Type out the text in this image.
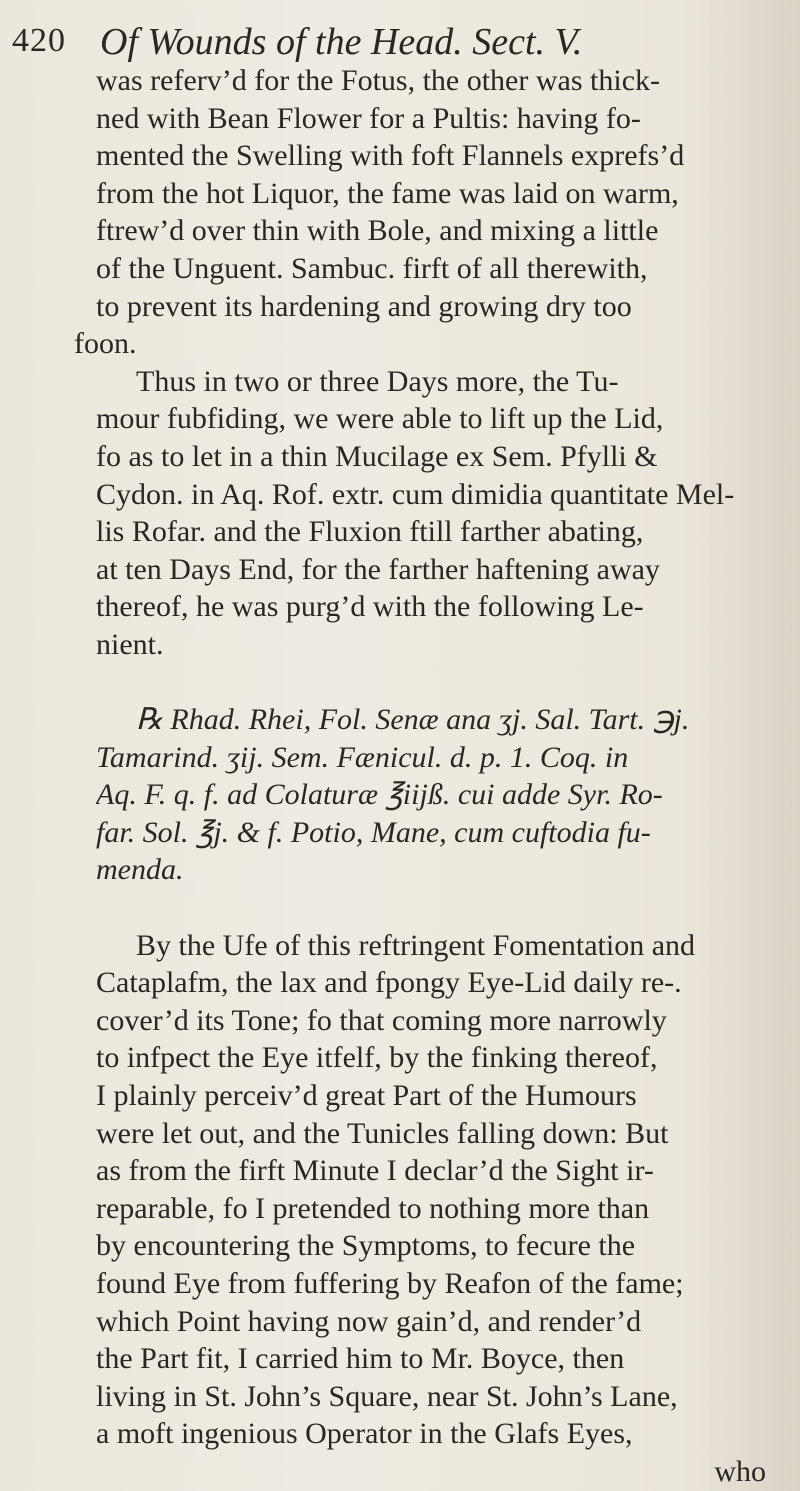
420 Of Wounds of the Head. Sect. V.
was referv’d for the Fotus, the other was thick-
ned with Bean Flower for a Pultis: having fo-
mented the Swelling with foft Flannels exprefs’d
from the hot Liquor, the fame was laid on warm,
ftrew’d over thin with Bole, and mixing a little
of the Unguent. Sambuc. firft of all therewith,
to prevent its hardening and growing dry too
foon.
Thus in two or three Days more, the Tu-
mour fubfiding, we were able to lift up the Lid,
fo as to let in a thin Mucilage ex Sem. Pfylli &
Cydon. in Aq. Rof. extr. cum dimidia quantitate Mel-
lis Rofar. and the Fluxion ftill farther abating,
at ten Days End, for the farther haftening away
thereof, he was purg’d with the following Le-
nient.
℞ Rhad. Rhei, Fol. Senæ ana ʒj. Sal. Tart. ℈j.
Tamarind. ʒij. Sem. Fænicul. d. p. 1. Coq. in
Aq. F. q. f. ad Colaturæ ℥iijß. cui adde Syr. Ro-
far. Sol. ℥j. & f. Potio, Mane, cum cuftodia fu-
menda.
By the Ufe of this reftringent Fomentation and
Cataplafm, the lax and fpongy Eye-Lid daily re-.
cover’d its Tone; fo that coming more narrowly
to infpect the Eye itfelf, by the finking thereof,
I plainly perceiv’d great Part of the Humours
were let out, and the Tunicles falling down: But
as from the firft Minute I declar’d the Sight ir-
reparable, fo I pretended to nothing more than
by encountering the Symptoms, to fecure the
found Eye from fuffering by Reafon of the fame;
which Point having now gain’d, and render’d
the Part fit, I carried him to Mr. Boyce, then
living in St. John’s Square, near St. John’s Lane,
a moft ingenious Operator in the Glafs Eyes,
who
